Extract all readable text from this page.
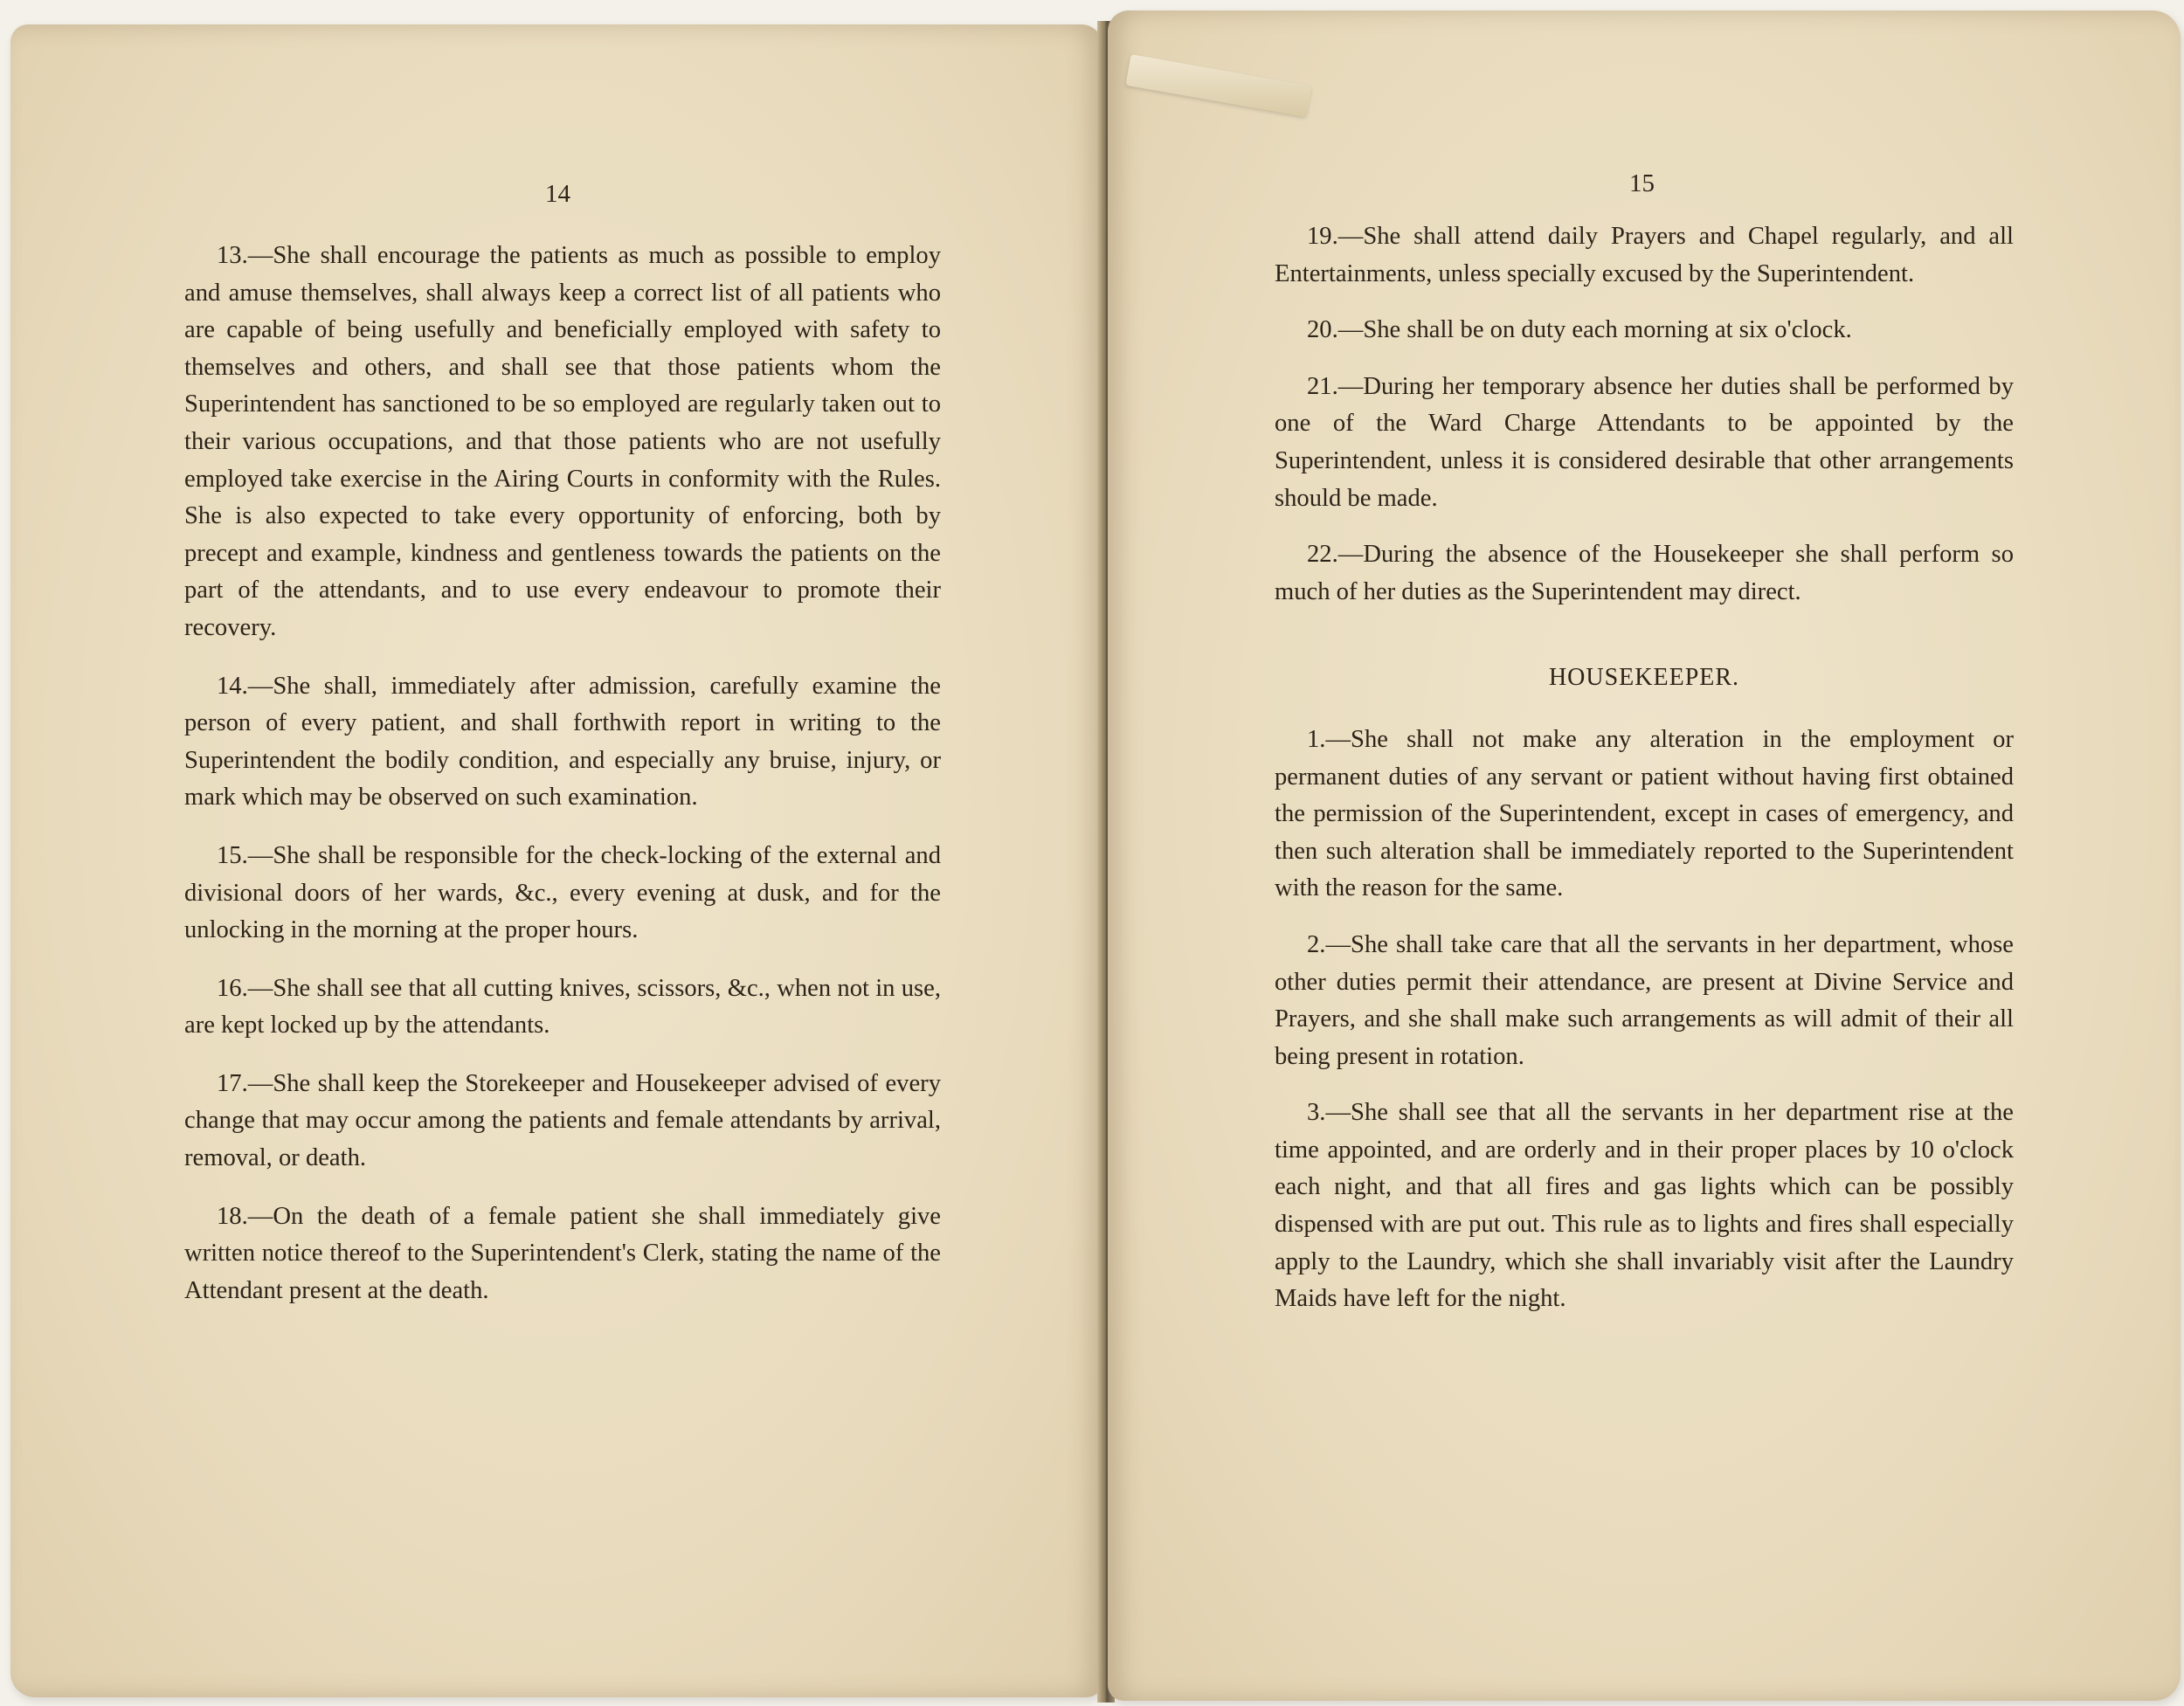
14

13.—She shall encourage the patients as much as possible to employ and amuse themselves, shall always keep a correct list of all patients who are capable of being usefully and beneficially employed with safety to themselves and others, and shall see that those patients whom the Superintendent has sanctioned to be so employed are regularly taken out to their various occupations, and that those patients who are not usefully employed take exercise in the Airing Courts in conformity with the Rules. She is also expected to take every opportunity of enforcing, both by precept and example, kindness and gentleness towards the patients on the part of the attendants, and to use every endeavour to promote their recovery.

14.—She shall, immediately after admission, carefully examine the person of every patient, and shall forthwith report in writing to the Superintendent the bodily condition, and especially any bruise, injury, or mark which may be observed on such examination.

15.—She shall be responsible for the check-locking of the external and divisional doors of her wards, &c., every evening at dusk, and for the unlocking in the morning at the proper hours.

16.—She shall see that all cutting knives, scissors, &c., when not in use, are kept locked up by the attendants.

17.—She shall keep the Storekeeper and Housekeeper advised of every change that may occur among the patients and female attendants by arrival, removal, or death.

18.—On the death of a female patient she shall immediately give written notice thereof to the Superintendent's Clerk, stating the name of the Attendant present at the death.

15

19.—She shall attend daily Prayers and Chapel regularly, and all Entertainments, unless specially excused by the Superintendent.

20.—She shall be on duty each morning at six o'clock.

21.—During her temporary absence her duties shall be performed by one of the Ward Charge Attendants to be appointed by the Superintendent, unless it is considered desirable that other arrangements should be made.

22.—During the absence of the Housekeeper she shall perform so much of her duties as the Superintendent may direct.

HOUSEKEEPER.

1.—She shall not make any alteration in the employment or permanent duties of any servant or patient without having first obtained the permission of the Superintendent, except in cases of emergency, and then such alteration shall be immediately reported to the Superintendent with the reason for the same.

2.—She shall take care that all the servants in her department, whose other duties permit their attendance, are present at Divine Service and Prayers, and she shall make such arrangements as will admit of their all being present in rotation.

3.—She shall see that all the servants in her department rise at the time appointed, and are orderly and in their proper places by 10 o'clock each night, and that all fires and gas lights which can be possibly dispensed with are put out. This rule as to lights and fires shall especially apply to the Laundry, which she shall invariably visit after the Laundry Maids have left for the night.
